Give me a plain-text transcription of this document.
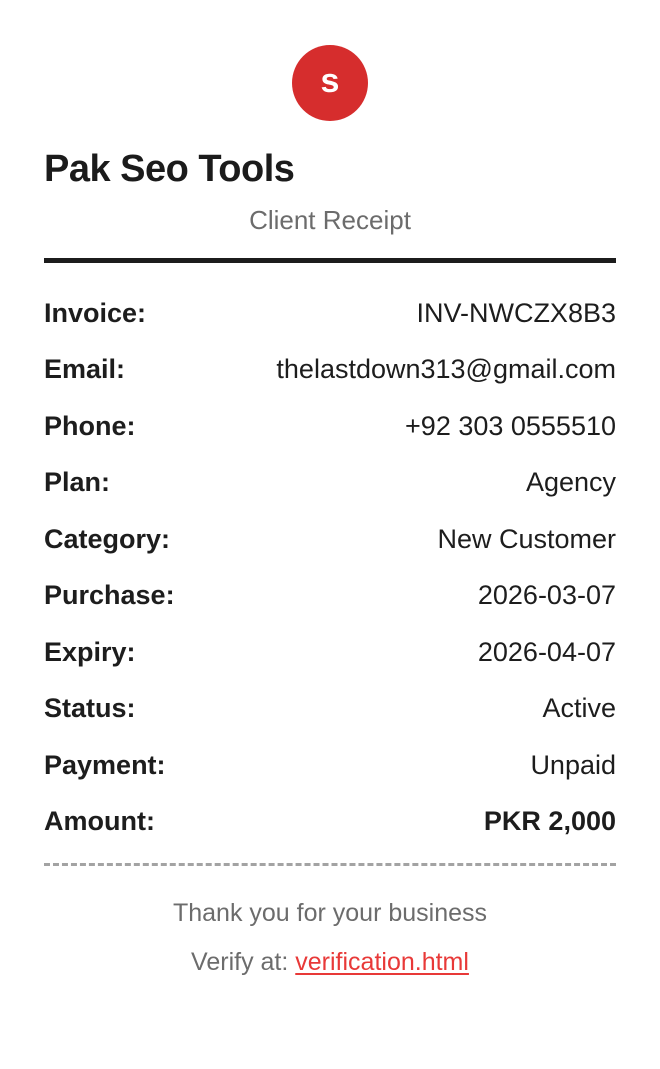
s
Pak Seo Tools
Client Receipt
Invoice:	INV-NWCZX8B3
Email:	thelastdown313@gmail.com
Phone:	+92 303 0555510
Plan:	Agency
Category:	New Customer
Purchase:	2026-03-07
Expiry:	2026-04-07
Status:	Active
Payment:	Unpaid
Amount:	PKR 2,000
Thank you for your business
Verify at: verification.html
